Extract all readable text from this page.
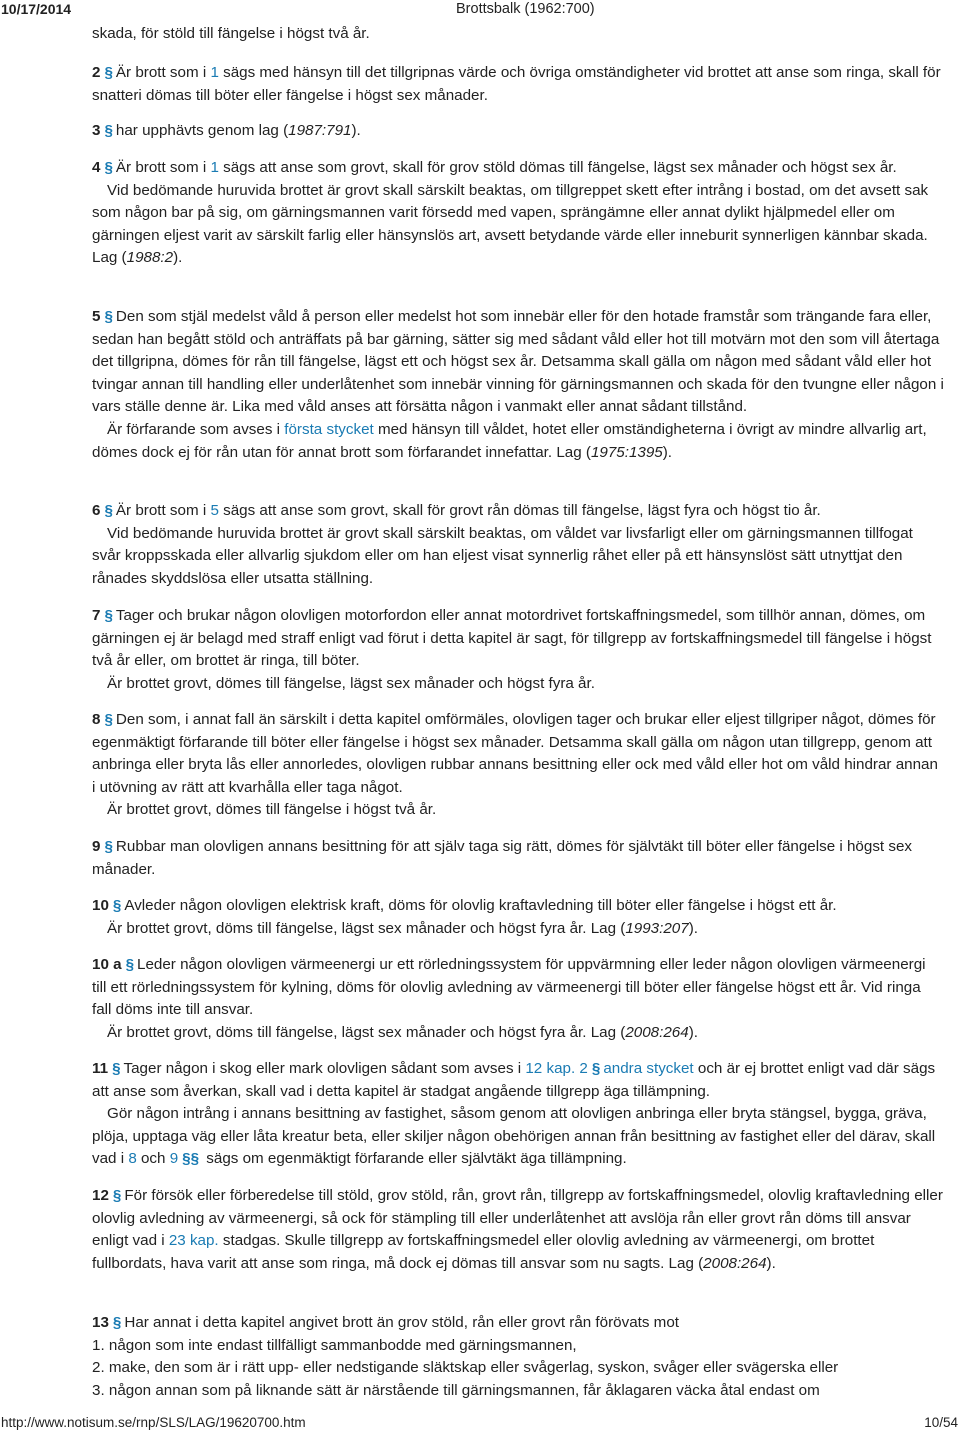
10/17/2014	Brottsbalk (1962:700)

skada, för stöld till fängelse i högst två år.

2 § Är brott som i 1 sägs med hänsyn till det tillgripnas värde och övriga omständigheter vid brottet att anse som ringa, skall för snatteri dömas till böter eller fängelse i högst sex månader.

3 § har upphävts genom lag (1987:791).

4 § Är brott som i 1 sägs att anse som grovt, skall för grov stöld dömas till fängelse, lägst sex månader och högst sex år.

Vid bedömande huruvida brottet är grovt skall särskilt beaktas, om tillgreppet skett efter intrång i bostad, om det avsett sak som någon bar på sig, om gärningsmannen varit försedd med vapen, sprängämne eller annat dylikt hjälpmedel eller om gärningen eljest varit av särskilt farlig eller hänsynslös art, avsett betydande värde eller inneburit synnerligen kännbar skada. Lag (1988:2).

5 § Den som stjäl medelst våld å person eller medelst hot som innebär eller för den hotade framstår som trängande fara eller, sedan han begått stöld och anträffats på bar gärning, sätter sig med sådant våld eller hot till motvärn mot den som vill återtaga det tillgripna, dömes för rån till fängelse, lägst ett och högst sex år. Detsamma skall gälla om någon med sådant våld eller hot tvingar annan till handling eller underlåtenhet som innebär vinning för gärningsmannen och skada för den tvungne eller någon i vars ställe denne är. Lika med våld anses att försätta någon i vanmakt eller annat sådant tillstånd.

Är förfarande som avses i första stycket med hänsyn till våldet, hotet eller omständigheterna i övrigt av mindre allvarlig art, dömes dock ej för rån utan för annat brott som förfarandet innefattar. Lag (1975:1395).

6 § Är brott som i 5 sägs att anse som grovt, skall för grovt rån dömas till fängelse, lägst fyra och högst tio år.

Vid bedömande huruvida brottet är grovt skall särskilt beaktas, om våldet var livsfarligt eller om gärningsmannen tillfogat svår kroppsskada eller allvarlig sjukdom eller om han eljest visat synnerlig råhet eller på ett hänsynslöst sätt utnyttjat den rånades skyddslösa eller utsatta ställning.

7 § Tager och brukar någon olovligen motorfordon eller annat motordrivet fortskaffningsmedel, som tillhör annan, dömes, om gärningen ej är belagd med straff enligt vad förut i detta kapitel är sagt, för tillgrepp av fortskaffningsmedel till fängelse i högst två år eller, om brottet är ringa, till böter.

Är brottet grovt, dömes till fängelse, lägst sex månader och högst fyra år.

8 § Den som, i annat fall än särskilt i detta kapitel omförmäles, olovligen tager och brukar eller eljest tillgriper något, dömes för egenmäktigt förfarande till böter eller fängelse i högst sex månader. Detsamma skall gälla om någon utan tillgrepp, genom att anbringa eller bryta lås eller annorledes, olovligen rubbar annans besittning eller ock med våld eller hot om våld hindrar annan i utövning av rätt att kvarhålla eller taga något.

Är brottet grovt, dömes till fängelse i högst två år.

9 § Rubbar man olovligen annans besittning för att själv taga sig rätt, dömes för självtäkt till böter eller fängelse i högst sex månader.

10 § Avleder någon olovligen elektrisk kraft, döms för olovlig kraftavledning till böter eller fängelse i högst ett år.

Är brottet grovt, döms till fängelse, lägst sex månader och högst fyra år. Lag (1993:207).

10 a § Leder någon olovligen värmeenergi ur ett rörledningssystem för uppvärmning eller leder någon olovligen värmeenergi till ett rörledningssystem för kylning, döms för olovlig avledning av värmeenergi till böter eller fängelse högst ett år. Vid ringa fall döms inte till ansvar.

Är brottet grovt, döms till fängelse, lägst sex månader och högst fyra år. Lag (2008:264).

11 § Tager någon i skog eller mark olovligen sådant som avses i 12 kap. 2 § andra stycket och är ej brottet enligt vad där sägs att anse som åverkan, skall vad i detta kapitel är stadgat angående tillgrepp äga tillämpning.

Gör någon intrång i annans besittning av fastighet, såsom genom att olovligen anbringa eller bryta stängsel, bygga, gräva, plöja, upptaga väg eller låta kreatur beta, eller skiljer någon obehörigen annan från besittning av fastighet eller del därav, skall vad i 8 och 9 §§ sägs om egenmäktigt förfarande eller självtäkt äga tillämpning.

12 § För försök eller förberedelse till stöld, grov stöld, rån, grovt rån, tillgrepp av fortskaffningsmedel, olovlig kraftavledning eller olovlig avledning av värmeenergi, så ock för stämpling till eller underlåtenhet att avslöja rån eller grovt rån döms till ansvar enligt vad i 23 kap. stadgas. Skulle tillgrepp av fortskaffningsmedel eller olovlig avledning av värmeenergi, om brottet fullbordats, hava varit att anse som ringa, må dock ej dömas till ansvar som nu sagts. Lag (2008:264).

13 § Har annat i detta kapitel angivet brott än grov stöld, rån eller grovt rån förövats mot

1. någon som inte endast tillfälligt sammanbodde med gärningsmannen,

2. make, den som är i rätt upp- eller nedstigande släktskap eller svågerlag, syskon, svåger eller svägerska eller

3. någon annan som på liknande sätt är närstående till gärningsmannen, får åklagaren väcka åtal endast om

http://www.notisum.se/rnp/SLS/LAG/19620700.htm	10/54
